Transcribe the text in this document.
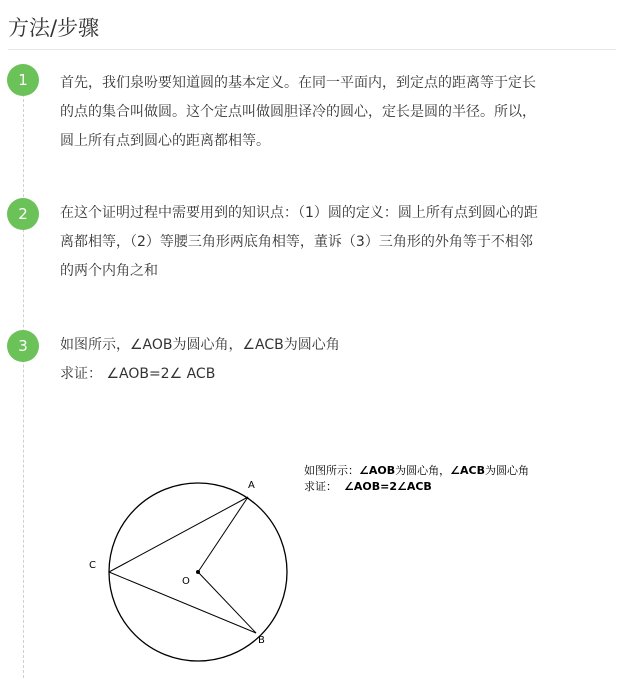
方法/步骤
1	首先，我们泉吩要知道圆的基本定义。在同一平面内，到定点的距离等于定长
的点的集合叫做圆。这个定点叫做圆胆译冷的圆心，定长是圆的半径。所以，
圆上所有点到圆心的距离都相等。

2	在这个证明过程中需要用到的知识点：（1）圆的定义：圆上所有点到圆心的距
离都相等，（2）等腰三角形两底角相等，董诉（3）三角形的外角等于不相邻
的两个内角之和

3	如图所示，∠AOB为圆心角，∠ACB为圆心角
求证： ∠AOB=2∠ ACB

A
B
C
O
如图所示：∠AOB为圆心角，∠ACB为圆心角
求证： ∠AOB=2∠ACB
